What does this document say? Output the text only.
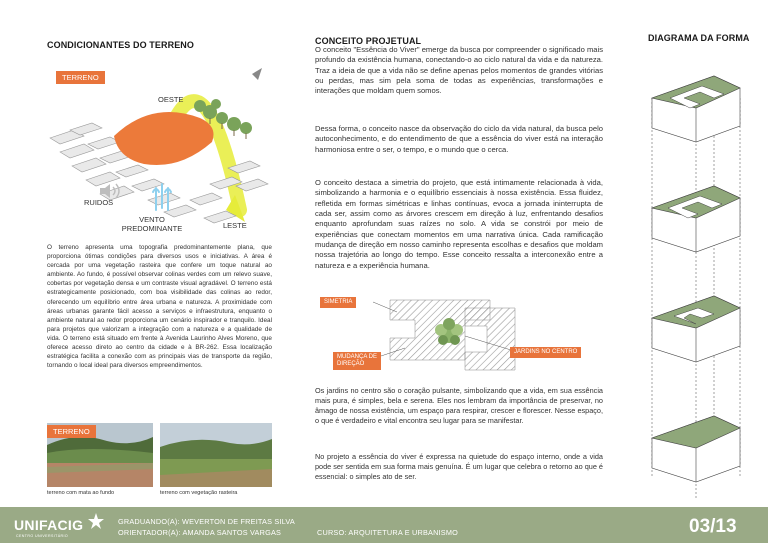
CONDICIONANTES DO TERRENO
TERRENO
OESTE
RUIDOS
VENTO
PREDOMINANTE	LESTE
O terreno apresenta uma topografia predominantemente plana, que proporciona ótimas condições para diversos usos e iniciativas. A área é cercada por uma vegetação rasteira que confere um toque natural ao ambiente. Ao fundo, é possível observar colinas verdes com um relevo suave, cobertas por vegetação densa e um contraste visual agradável. O terreno está estrategicamente posicionado, com boa visibilidade das colinas ao redor, oferecendo um equilíbrio entre área urbana e natureza. A proximidade com áreas urbanas garante fácil acesso a serviços e infraestrutura, enquanto o ambiente natural ao redor proporciona um cenário inspirador e tranquilo. Ideal para projetos que valorizam a integração com a natureza e a qualidade de vida. O terreno está situado em frente à Avenida Laurinho Alves Moreno, que oferece acesso direto ao centro da cidade e à BR-262. Essa localização estratégica facilita a conexão com as principais vias de transporte da região, tornando o local ideal para diversos empreendimentos.
TERRENO
terreno com mata ao fundo	terreno com vegetação rasteira
CONCEITO PROJETUAL
O conceito "Essência do Viver" emerge da busca por compreender o significado mais profundo da existência humana, conectando-o ao ciclo natural da vida e da natureza. Traz a ideia de que a vida não se define apenas pelos momentos de grandes vitórias ou perdas, mas sim pela soma de todas as experiências, transformações e interações que moldam quem somos.
Dessa forma, o conceito nasce da observação do ciclo da vida natural, da busca pelo autoconhecimento, e do entendimento de que a essência do viver está na interação harmoniosa entre o ser, o tempo, e o mundo que o cerca.
O conceito destaca a simetria do projeto, que está intimamente relacionada à vida, simbolizando a harmonia e o equilíbrio essenciais à nossa existência. Essa fluidez, refletida em formas simétricas e linhas contínuas, evoca a jornada ininterrupta de cada ser, assim como as árvores crescem em direção à luz, enfrentando desafios enquanto aprofundam suas raízes no solo. A vida se constrói por meio de experiências que conectam momentos em uma narrativa única. Cada ramificação mudança de direção em nosso caminho representa escolhas e desafios que moldam nossa trajetória ao longo do tempo. Esse conceito ressalta a interconexão entre a natureza e a experiência humana.
SIMETRIA
MUDANÇA DE DIREÇÃO
JARDINS NO CENTRO
Os jardins no centro são o coração pulsante, simbolizando que a vida, em sua essência mais pura, é simples, bela e serena. Eles nos lembram da importância de preservar, no âmago de nossa existência, um espaço para respirar, crescer e florescer. Nesse espaço, o que é verdadeiro e vital encontra seu lugar para se manifestar.
No projeto a essência do viver é expressa na quietude do espaço interno, onde a vida pode ser sentida em sua forma mais genuína. É um lugar que celebra o retorno ao que é essencial: o simples ato de ser.
DIAGRAMA DA FORMA
UNIFACIG
CENTRO UNIVERSITÁRIO
GRADUANDO(A): WEVERTON DE FREITAS SILVA
ORIENTADOR(A): AMANDA SANTOS VARGAS	CURSO: ARQUITETURA E URBANISMO	03/13
